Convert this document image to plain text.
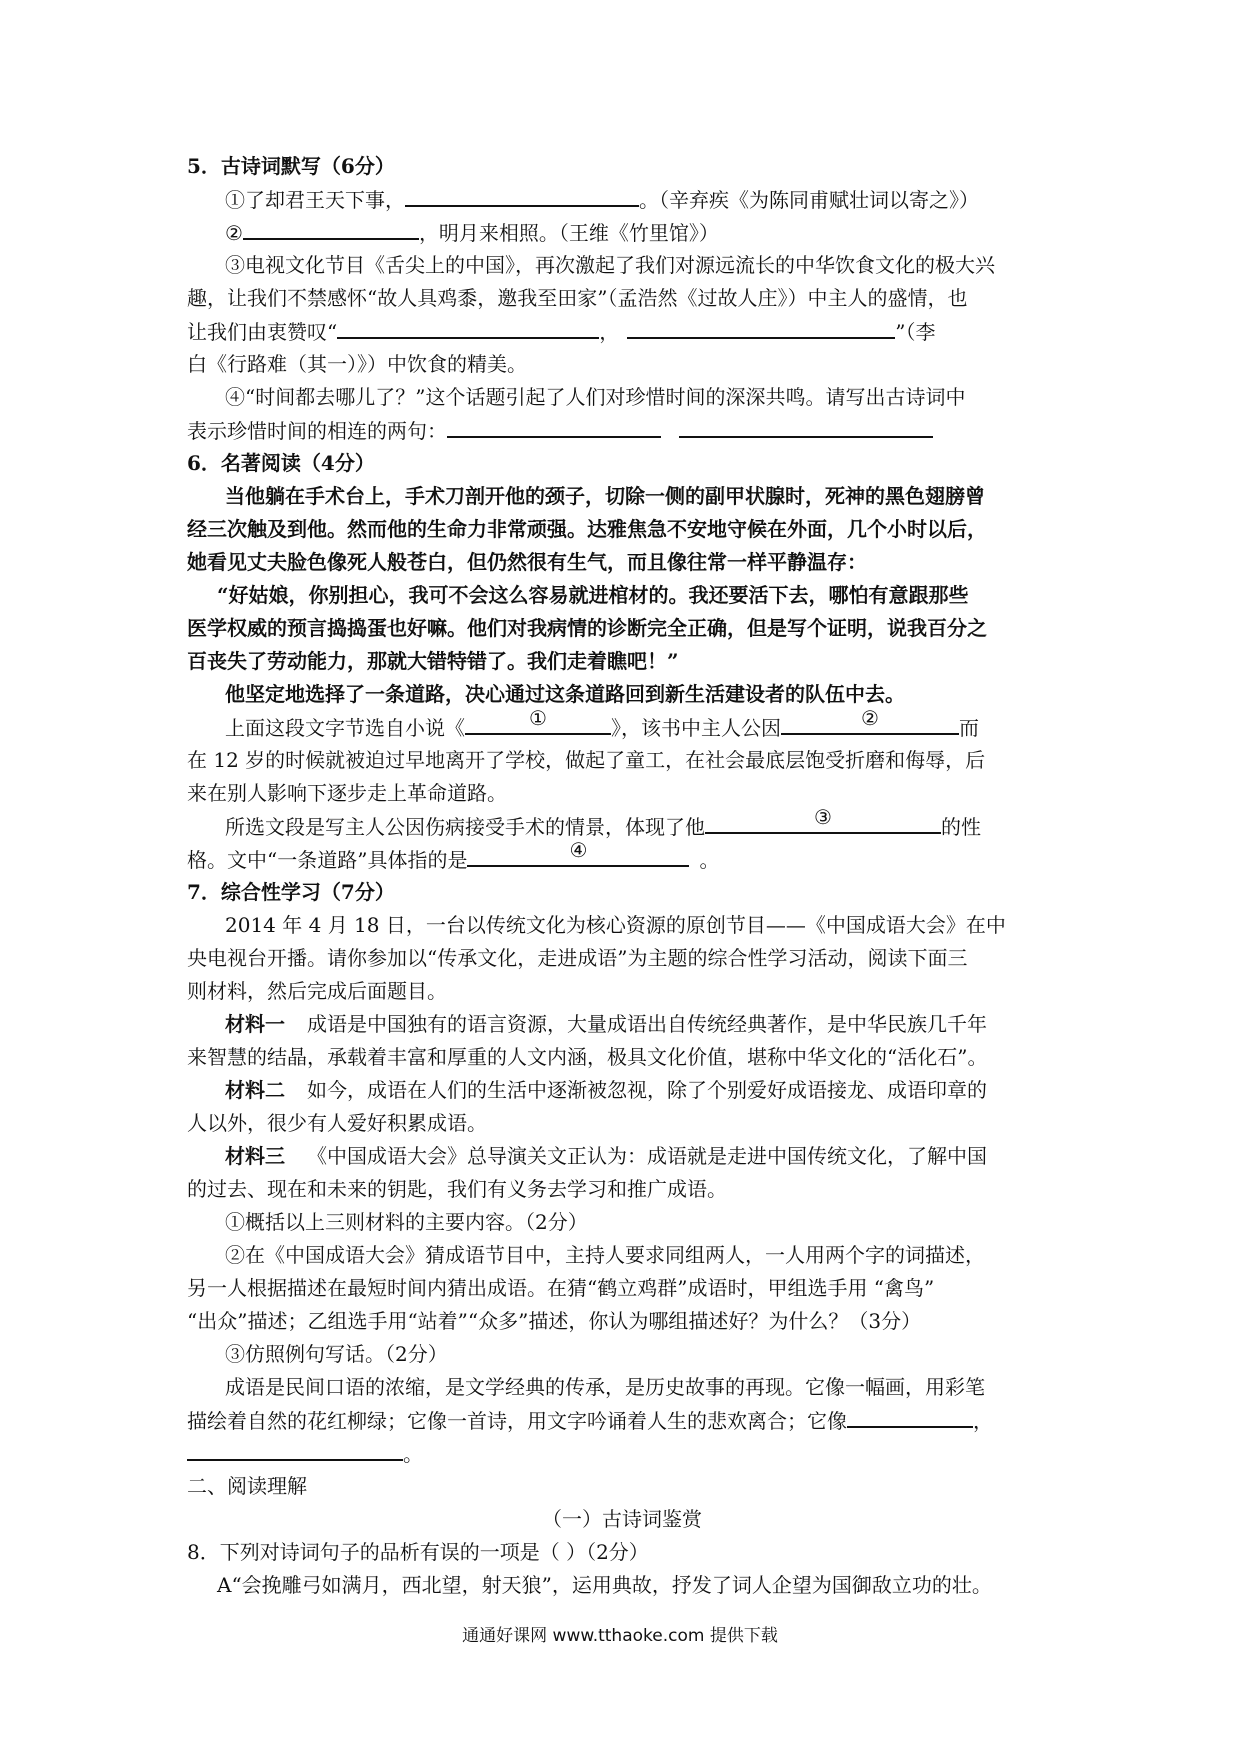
5．古诗词默写（6分）
①了却君王天下事，	。（辛弃疾《为陈同甫赋壮词以寄之》）
②	，明月来相照。（王维《竹里馆》）
③电视文化节目《舌尖上的中国》，再次激起了我们对源远流长的中华饮食文化的极大兴
趣，让我们不禁感怀“故人具鸡黍，邀我至田家”（孟浩然《过故人庄》）中主人的盛情，也
让我们由衷赞叹“	，	”（李
白《行路难（其一）》）中饮食的精美。
④“时间都去哪儿了？”这个话题引起了人们对珍惜时间的深深共鸣。请写出古诗词中
表示珍惜时间的相连的两句：
6．名著阅读（4分）
当他躺在手术台上，手术刀剖开他的颈子，切除一侧的副甲状腺时，死神的黑色翅膀曾
经三次触及到他。然而他的生命力非常顽强。达雅焦急不安地守候在外面，几个小时以后，
她看见丈夫脸色像死人般苍白，但仍然很有生气，而且像往常一样平静温存：
“好姑娘，你别担心，我可不会这么容易就进棺材的。我还要活下去，哪怕有意跟那些
医学权威的预言捣捣蛋也好嘛。他们对我病情的诊断完全正确，但是写个证明，说我百分之
百丧失了劳动能力，那就大错特错了。我们走着瞧吧！”
他坚定地选择了一条道路，决心通过这条道路回到新生活建设者的队伍中去。
上面这段文字节选自小说《	①	》，该书中主人公因	②	而
在 12 岁的时候就被迫过早地离开了学校，做起了童工，在社会最底层饱受折磨和侮辱，后
来在别人影响下逐步走上革命道路。
所选文段是写主人公因伤病接受手术的情景，体现了他	③	的性
格。文中“一条道路”具体指的是	④	。
7．综合性学习（7分）
2014 年 4 月 18 日，一台以传统文化为核心资源的原创节目——《中国成语大会》在中
央电视台开播。请你参加以“传承文化，走进成语”为主题的综合性学习活动，阅读下面三
则材料，然后完成后面题目。
材料一 成语是中国独有的语言资源，大量成语出自传统经典著作，是中华民族几千年
来智慧的结晶，承载着丰富和厚重的人文内涵，极具文化价值，堪称中华文化的“活化石”。
材料二 如今，成语在人们的生活中逐渐被忽视，除了个别爱好成语接龙、成语印章的
人以外，很少有人爱好积累成语。
材料三 《中国成语大会》总导演关文正认为：成语就是走进中国传统文化，了解中国
的过去、现在和未来的钥匙，我们有义务去学习和推广成语。
①概括以上三则材料的主要内容。（2分）
②在《中国成语大会》猜成语节目中，主持人要求同组两人，一人用两个字的词描述，
另一人根据描述在最短时间内猜出成语。在猜“鹤立鸡群”成语时，甲组选手用 “禽鸟”
“出众”描述；乙组选手用“站着”“众多”描述，你认为哪组描述好？为什么？（3分）
③仿照例句写话。（2分）
成语是民间口语的浓缩，是文学经典的传承，是历史故事的再现。它像一幅画，用彩笔
描绘着自然的花红柳绿；它像一首诗，用文字吟诵着人生的悲欢离合；它像	，
。
二、阅读理解
（一）古诗词鉴赏
8．下列对诗词句子的品析有误的一项是（ ）（2分）
A“会挽雕弓如满月，西北望，射天狼”，运用典故，抒发了词人企望为国御敌立功的壮。
通通好课网 www.tthaoke.com 提供下载
